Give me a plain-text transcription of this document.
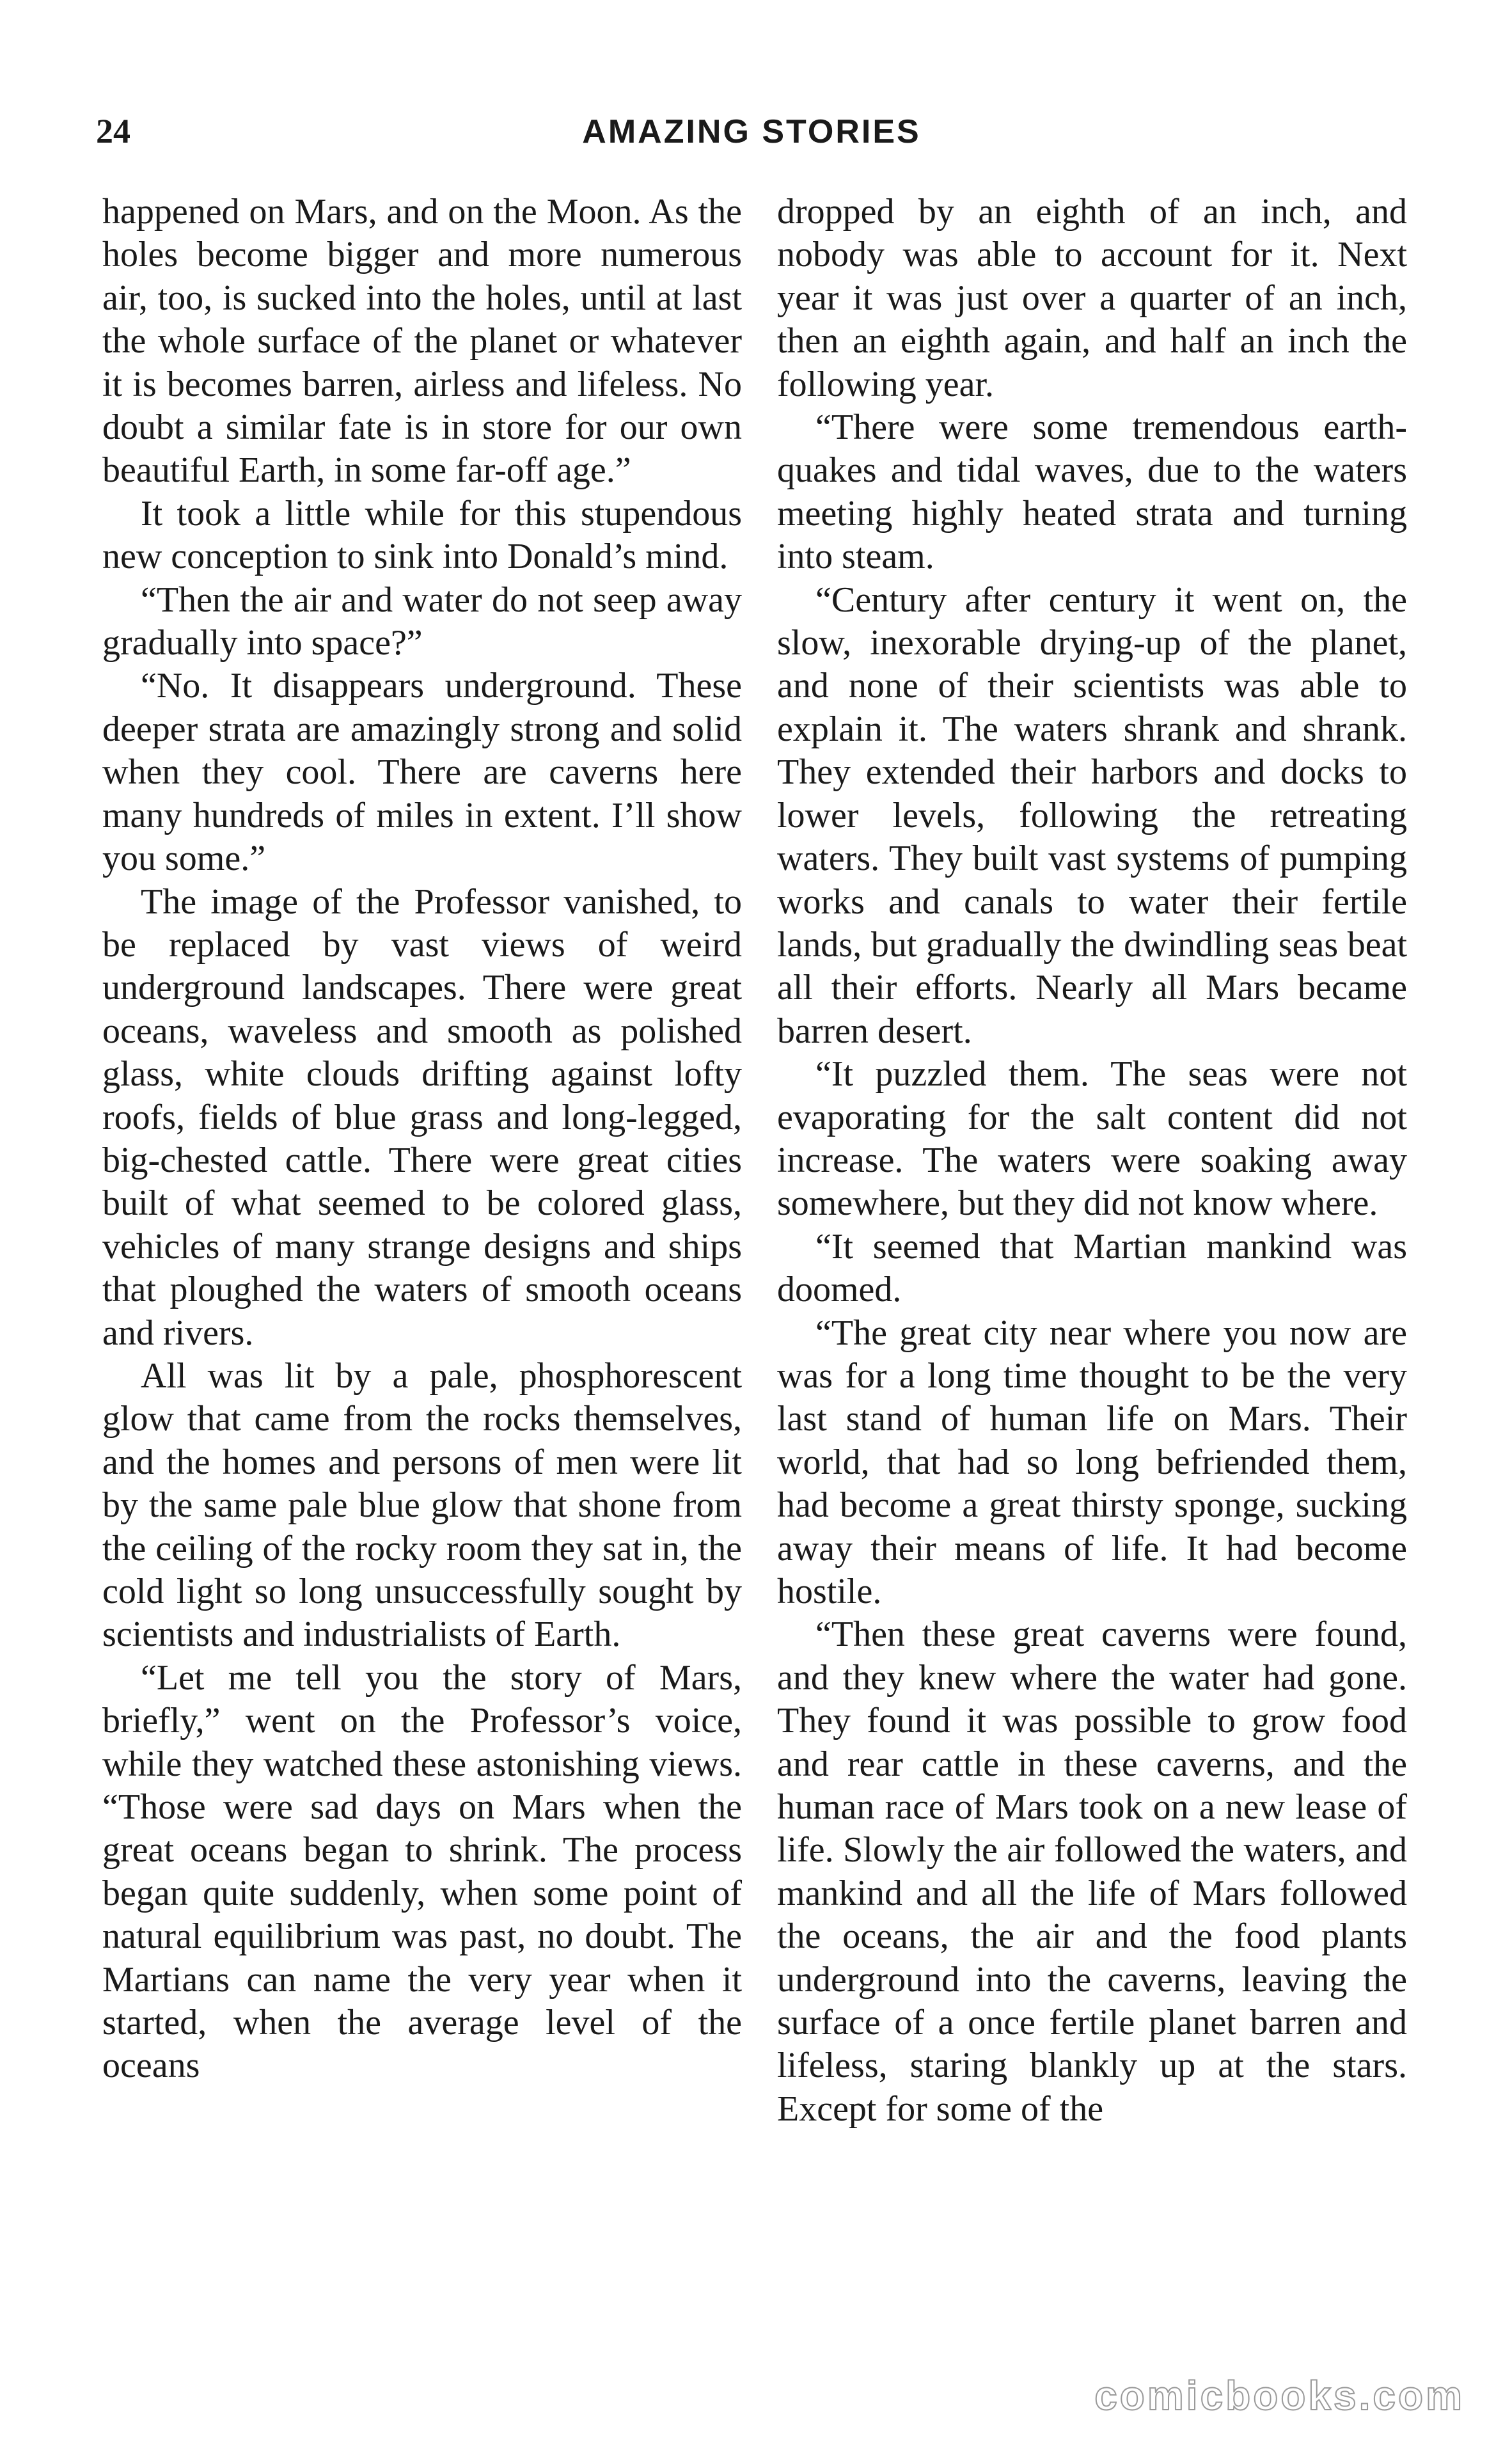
24	AMAZING STORIES

happened on Mars, and on the Moon. As the holes become bigger and more numerous air, too, is sucked into the holes, until at last the whole surface of the planet or whatever it is becomes barren, airless and lifeless. No doubt a similar fate is in store for our own beautiful Earth, in some far-off age.”

It took a little while for this stupendous new conception to sink into Donald’s mind.

“Then the air and water do not seep away gradually into space?”

“No. It disappears underground. These deeper strata are amazingly strong and solid when they cool. There are caverns here many hundreds of miles in extent. I’ll show you some.”

The image of the Professor vanished, to be replaced by vast views of weird underground landscapes. There were great oceans, waveless and smooth as polished glass, white clouds drifting against lofty roofs, fields of blue grass and long-legged, big-chested cattle. There were great cities built of what seemed to be colored glass, vehicles of many strange designs and ships that ploughed the waters of smooth oceans and rivers.

All was lit by a pale, phosphorescent glow that came from the rocks themselves, and the homes and persons of men were lit by the same pale blue glow that shone from the ceiling of the rocky room they sat in, the cold light so long unsuccessfully sought by scientists and industrialists of Earth.

“Let me tell you the story of Mars, briefly,” went on the Professor’s voice, while they watched these astonishing views. “Those were sad days on Mars when the great oceans began to shrink. The process began quite suddenly, when some point of natural equilibrium was past, no doubt. The Martians can name the very year when it started, when the average level of the oceans

dropped by an eighth of an inch, and nobody was able to account for it. Next year it was just over a quarter of an inch, then an eighth again, and half an inch the following year.

“There were some tremendous earthquakes and tidal waves, due to the waters meeting highly heated strata and turning into steam.

“Century after century it went on, the slow, inexorable drying-up of the planet, and none of their scientists was able to explain it. The waters shrank and shrank. They extended their harbors and docks to lower levels, following the retreating waters. They built vast systems of pumping works and canals to water their fertile lands, but gradually the dwindling seas beat all their efforts. Nearly all Mars became barren desert.

“It puzzled them. The seas were not evaporating for the salt content did not increase. The waters were soaking away somewhere, but they did not know where.

“It seemed that Martian mankind was doomed.

“The great city near where you now are was for a long time thought to be the very last stand of human life on Mars. Their world, that had so long befriended them, had become a great thirsty sponge, sucking away their means of life. It had become hostile.

“Then these great caverns were found, and they knew where the water had gone. They found it was possible to grow food and rear cattle in these caverns, and the human race of Mars took on a new lease of life. Slowly the air followed the waters, and mankind and all the life of Mars followed the oceans, the air and the food plants underground into the caverns, leaving the surface of a once fertile planet barren and lifeless, staring blankly up at the stars. Except for some of the

comicbooks.com
